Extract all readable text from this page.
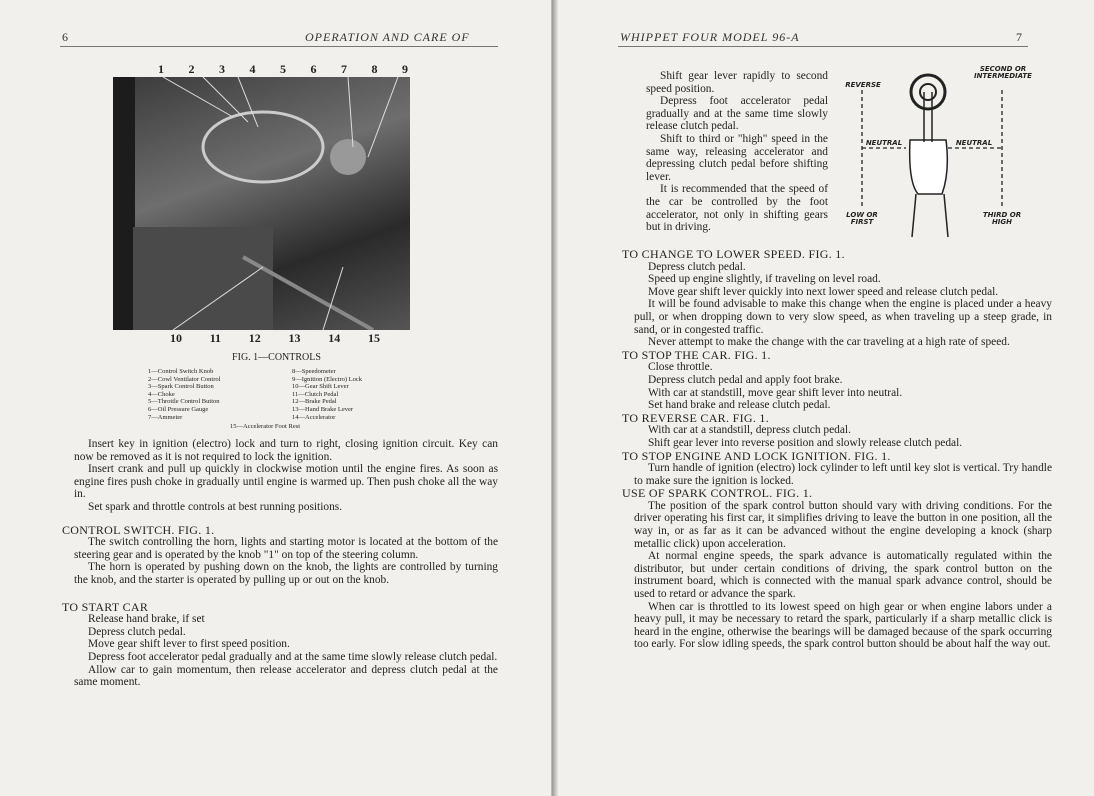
6	OPERATION AND CARE OF
1 2 3 4 5 6 7 8 9
10 11 12 13 14 15
FIG. 1—CONTROLS
1—Control Switch Knob
2—Cowl Ventilator Control
3—Spark Control Button
4—Choke
5—Throttle Control Button
6—Oil Pressure Gauge
7—Ammeter
8—Speedometer
9—Ignition (Electro) Lock
10—Gear Shift Lever
11—Clutch Pedal
12—Brake Pedal
13—Hand Brake Lever
14—Accelerator
15—Accelerator Foot Rest

Insert key in ignition (electro) lock and turn to right, closing ignition circuit. Key can now be removed as it is not required to lock the ignition.

Insert crank and pull up quickly in clockwise motion until the engine fires. As soon as engine fires push choke in gradually until engine is warmed up. Then push choke all the way in.

Set spark and throttle controls at best running positions.

CONTROL SWITCH. FIG. 1.

The switch controlling the horn, lights and starting motor is located at the bottom of the steering gear and is operated by the knob "1" on top of the steering column.

The horn is operated by pushing down on the knob, the lights are controlled by turning the knob, and the starter is operated by pulling up or out on the knob.

TO START CAR

Release hand brake, if set

Depress clutch pedal.

Move gear shift lever to first speed position.

Depress foot accelerator pedal gradually and at the same time slowly release clutch pedal.

Allow car to gain momentum, then release accelerator and depress clutch pedal at the same moment.

WHIPPET FOUR MODEL 96-A	7

Shift gear lever rapidly to second speed position.

Depress foot accelerator pedal gradually and at the same time slowly release clutch pedal.

Shift to third or "high" speed in the same way, releasing accelerator and depressing clutch pedal before shifting lever.

It is recommended that the speed of the car be controlled by the foot accelerator, not only in shifting gears but in driving.

TO CHANGE TO LOWER SPEED. FIG. 1.

Depress clutch pedal.

Speed up engine slightly, if traveling on level road.

Move gear shift lever quickly into next lower speed and release clutch pedal.

It will be found advisable to make this change when the engine is placed under a heavy pull, or when dropping down to very slow speed, as when traveling up a steep grade, in sand, or in congested traffic.

Never attempt to make the change with the car traveling at a high rate of speed.

TO STOP THE CAR. FIG. 1.

Close throttle.

Depress clutch pedal and apply foot brake.

With car at standstill, move gear shift lever into neutral.

Set hand brake and release clutch pedal.

TO REVERSE CAR. FIG. 1.

With car at a standstill, depress clutch pedal.

Shift gear lever into reverse position and slowly release clutch pedal.

TO STOP ENGINE AND LOCK IGNITION. FIG. 1.

Turn handle of ignition (electro) lock cylinder to left until key slot is vertical. Try handle to make sure the ignition is locked.

USE OF SPARK CONTROL. FIG. 1.

The position of the spark control button should vary with driving conditions. For the driver operating his first car, it simplifies driving to leave the button in one position, all the way in, or as far as it can be advanced without the engine developing a knock (sharp metallic click) upon acceleration.

At normal engine speeds, the spark advance is automatically regulated within the distributor, but under certain conditions of driving, the spark control button on the instrument board, which is connected with the manual spark advance control, should be used to retard or advance the spark.

When car is throttled to its lowest speed on high gear or when engine labors under a heavy pull, it may be necessary to retard the spark, particularly if a sharp metallic click is heard in the engine, otherwise the bearings will be damaged because of the spark occurring too early. For slow idling speeds, the spark control button should be about half the way out.

REVERSE
SECOND OR INTERMEDIATE
NEUTRAL	NEUTRAL
LOW OR FIRST
THIRD OR HIGH
